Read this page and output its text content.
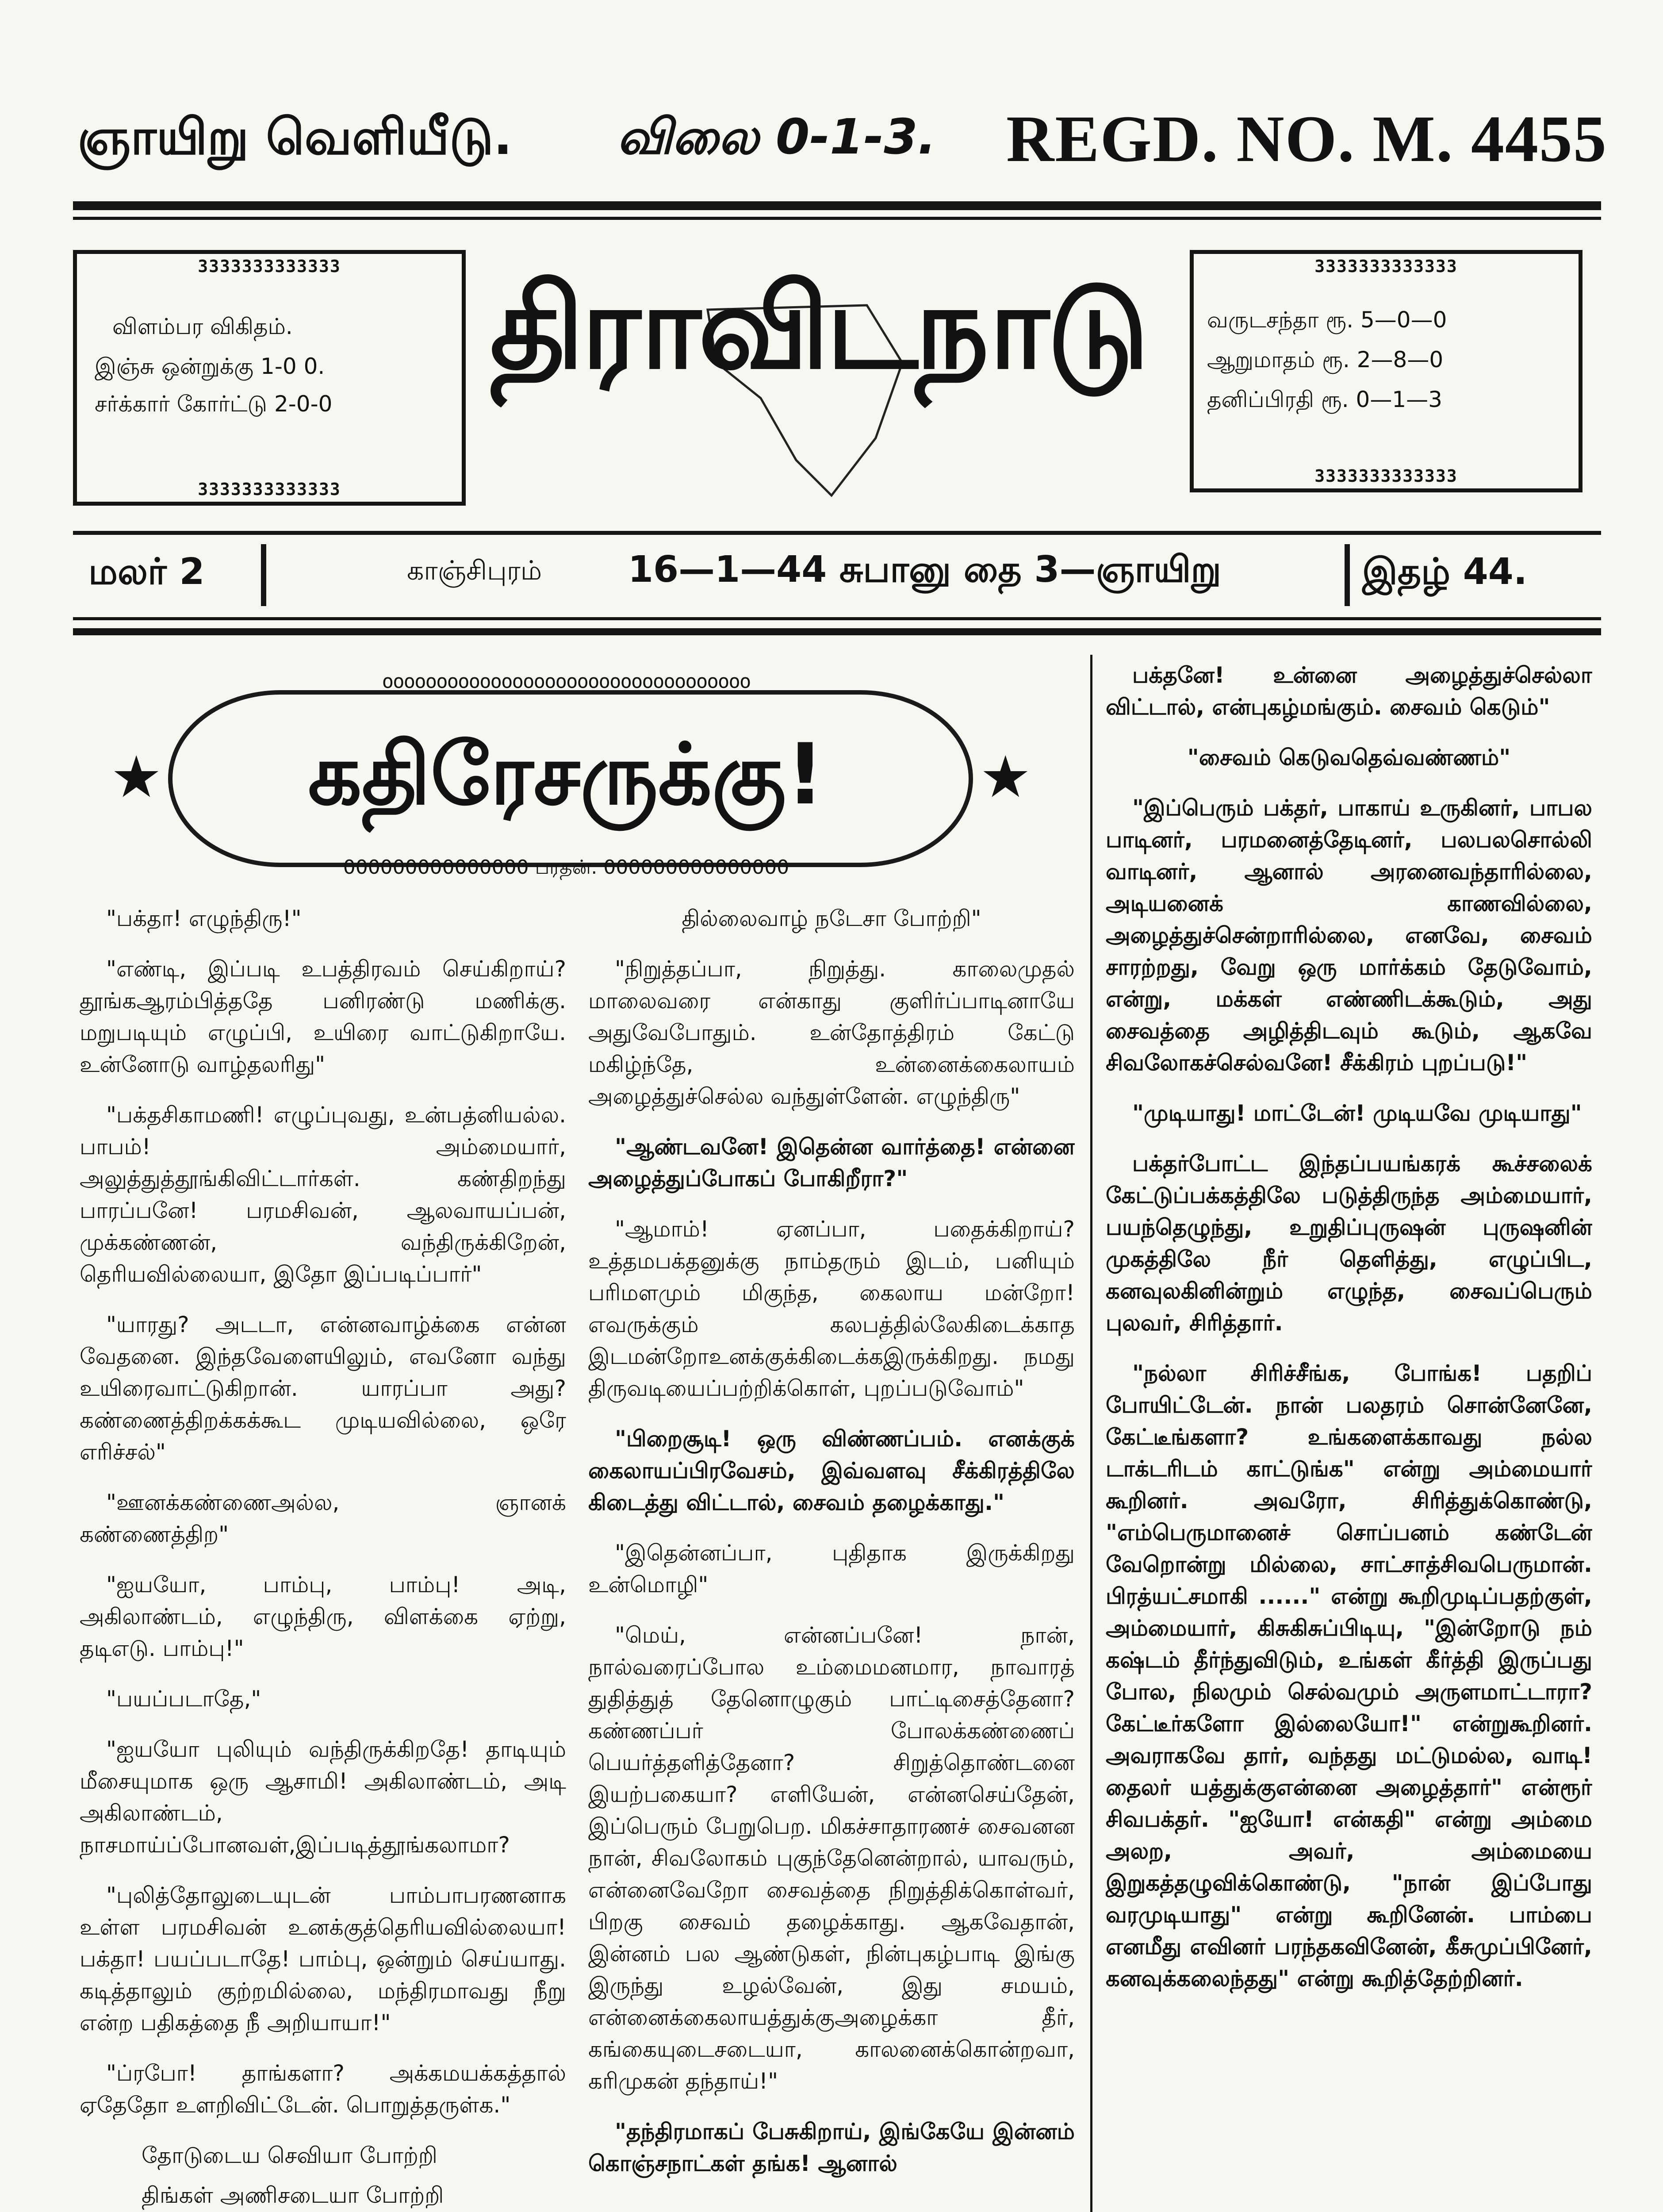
ஞாயிறு வெளியீடு. விலை 0-1-3. REGD. NO. M. 4455
3333333333333
விளம்பர விகிதம்.
இஞ்சு ஒன்றுக்கு 1-0 0.
சர்க்கார் கோர்ட்டு 2-0-0
3333333333333
திராவிடநாடு	3333333333333
வருடசந்தா ரூ. 5—0—0
ஆறுமாதம் ரூ. 2—8—0
தனிப்பிரதி ரூ. 0—1—3
3333333333333
மலர் 2	காஞ்சிபுரம் 16—1—44 சுபானு தை 3—ஞாயிறு	இதழ் 44.
oooooooooooooooooooooooooooooooooo
★	★
கதிரேசருக்கு!
000000000000000 பரதன். 000000000000000

"பக்தா! எழுந்திரு!"

"எண்டி, இப்படி உபத்திரவம் செய்கிறாய்? தூங்கஆரம்பித்ததே பனிரண்டு மணிக்கு. மறுபடியும் எழுப்பி, உயிரை வாட்டுகிறாயே. உன்னோடு வாழ்தலரிது"

"பக்தசிகாமணி! எழுப்புவது, உன்பத்னியல்ல. பாபம்! அம்மையார், அலுத்துத்தூங்கிவிட்டார்கள். கண்திறந்து பாரப்பனே! பரமசிவன், ஆலவாயப்பன், முக்கண்ணன், வந்திருக்கிறேன், தெரியவில்லையா, இதோ இப்படிப்பார்"

"யாரது? அடடா, என்னவாழ்க்கை என்ன வேதனை. இந்தவேளையிலும், எவனோ வந்து உயிரைவாட்டுகிறான். யாரப்பா அது? கண்ணைத்திறக்கக்கூட முடியவில்லை, ஒரே எரிச்சல்"

"ஊனக்கண்ணைஅல்ல, ஞானக் கண்ணைத்திற"

"ஐயயோ, பாம்பு, பாம்பு! அடி, அகிலாண்டம், எழுந்திரு, விளக்கை ஏற்று, தடிஎடு. பாம்பு!"

"பயப்படாதே,"

"ஐயயோ புலியும் வந்திருக்கிறதே! தாடியும் மீசையுமாக ஒரு ஆசாமி! அகிலாண்டம், அடி அகிலாண்டம், நாசமாய்ப்போனவள்,இப்படித்தூங்கலாமா?

"புலித்தோலுடையுடன் பாம்பாபரணனாக உள்ள பரமசிவன் உனக்குத்தெரியவில்லையா! பக்தா! பயப்படாதே! பாம்பு, ஒன்றும் செய்யாது. கடித்தாலும் குற்றமில்லை, மந்திரமாவது நீறு என்ற பதிகத்தை நீ அறியாயா!"

"ப்ரபோ! தாங்களா? அக்கமயக்கத்தால் ஏதேதோ உளறிவிட்டேன். பொறுத்தருள்க."

தோடுடைய செவியா போற்றி

திங்கள் அணிசடையா போற்றி

தில்லைவாழ் நடேசா போற்றி"

"நிறுத்தப்பா, நிறுத்து. காலைமுதல் மாலைவரை என்காது குளிர்ப்பாடினாயே அதுவேபோதும். உன்தோத்திரம் கேட்டு மகிழ்ந்தே, உன்னைக்கைலாயம் அழைத்துச்செல்ல வந்துள்ளேன். எழுந்திரு"

"ஆண்டவனே! இதென்ன வார்த்தை! என்னை அழைத்துப்போகப் போகிறீரா?"

"ஆமாம்! ஏனப்பா, பதைக்கிறாய்? உத்தமபக்தனுக்கு நாம்தரும் இடம், பனியும் பரிமளமும் மிகுந்த, கைலாய மன்றோ! எவருக்கும் கலபத்தில்லேகிடைக்காத இடமன்றோஉனக்குக்கிடைக்கஇருக்கிறது. நமது திருவடியைப்பற்றிக்கொள், புறப்படுவோம்"

"பிறைசூடி! ஒரு விண்ணப்பம். எனக்குக் கைலாயப்பிரவேசம், இவ்வளவு சீக்கிரத்திலே கிடைத்து விட்டால், சைவம் தழைக்காது."

"இதென்னப்பா, புதிதாக இருக்கிறது உன்மொழி"

"மெய், என்னப்பனே! நான், நால்வரைப்போல உம்மைமனமார, நாவாரத் துதித்துத் தேனொழுகும் பாட்டிசைத்தேனா? கண்ணப்பர் போலக்கண்ணைப் பெயர்த்தளித்தேனா? சிறுத்தொண்டனை இயற்பகையா? எளியேன், என்னசெய்தேன், இப்பெரும் பேறுபெற. மிகச்சாதாரணச் சைவனன நான், சிவலோகம் புகுந்தேனென்றால், யாவரும், என்னைவேறோ சைவத்தை நிறுத்திக்கொள்வர், பிறகு சைவம் தழைக்காது. ஆகவேதான், இன்னம் பல ஆண்டுகள், நின்புகழ்பாடி இங்கு இருந்து உழல்வேன், இது சமயம், என்னைக்கைலாயத்துக்குஅழைக்கா தீர், கங்கையுடைசடையா, காலனைக்கொன்றவா, கரிமுகன் தந்தாய்!"

"தந்திரமாகப் பேசுகிறாய், இங்கேயே இன்னம் கொஞ்சநாட்கள் தங்க! ஆனால்

பக்தனே! உன்னை அழைத்துச்செல்லா விட்டால், என்புகழ்மங்கும். சைவம் கெடும்"

"சைவம் கெடுவதெவ்வண்ணம்"

"இப்பெரும் பக்தர், பாகாய் உருகினர், பாபல பாடினர், பரமனைத்தேடினர், பலபலசொல்லி வாடினர், ஆனால் அரனைவந்தாரில்லை, அடியனைக் காணவில்லை, அழைத்துச்சென்றாரில்லை, எனவே, சைவம் சாரற்றது, வேறு ஒரு மார்க்கம் தேடுவோம், என்று, மக்கள் எண்ணிடக்கூடும், அது சைவத்தை அழித்திடவும் கூடும், ஆகவே சிவலோகச்செல்வனே! சீக்கிரம் புறப்படு!"

"முடியாது! மாட்டேன்! முடியவே முடியாது"

பக்தர்போட்ட இந்தப்பயங்கரக் கூச்சலைக் கேட்டுப்பக்கத்திலே படுத்திருந்த அம்மையார், பயந்தெழுந்து, உறுதிப்புருஷன் புருஷனின் முகத்திலே நீர் தெளித்து, எழுப்பிட, கனவுலகினின்றும் எழுந்த, சைவப்பெரும் புலவர், சிரித்தார்.

"நல்லா சிரிச்சீங்க, போங்க! பதறிப் போயிட்டேன். நான் பலதரம் சொன்னேனே, கேட்டீங்களா? உங்களைக்காவது நல்ல டாக்டரிடம் காட்டுங்க" என்று அம்மையார் கூறினர். அவரோ, சிரித்துக்கொண்டு, "எம்பெருமானைச் சொப்பனம் கண்டேன் வேறொன்று மில்லை, சாட்சாத்சிவபெருமான். பிரத்யட்சமாகி ......" என்று கூறிமுடிப்பதற்குள், அம்மையார், கிசுகிசுப்பிடியு, "இன்றோடு நம் கஷ்டம் தீர்ந்துவிடும், உங்கள் கீர்த்தி இருப்பது போல, நிலமும் செல்வமும் அருளமாட்டாரா? கேட்டீர்களோ இல்லையோ!" என்றுகூறினர். அவராகவே தார், வந்தது மட்டுமல்ல, வாடி! தைலர் யத்துக்குஎன்னை அழைத்தார்" என்ரூர் சிவபக்தர். "ஐயோ! என்கதி" என்று அம்மை அலற, அவர், அம்மையை இறுகத்தழுவிக்கொண்டு, "நான் இப்போது வரமுடியாது" என்று கூறினேன். பாம்பை எனமீது எவினர் பரந்தகவினேன், கீசுமுப்பினேர், கனவுக்கலைந்தது" என்று கூறித்தேற்றினர்.
